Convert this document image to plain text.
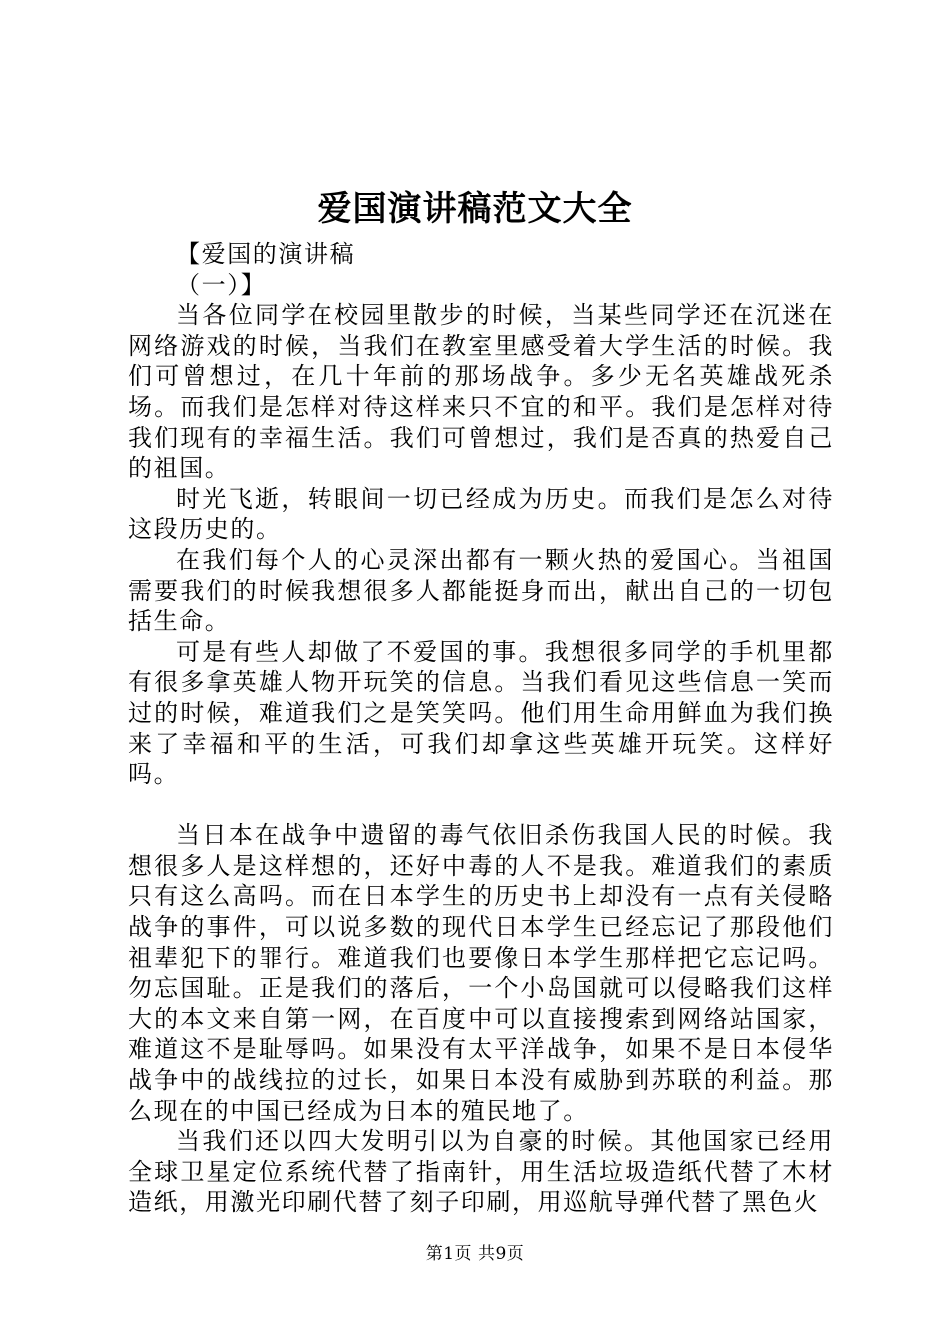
爱国演讲稿范文大全

【爱国的演讲稿

（一）】

当各位同学在校园里散步的时候，当某些同学还在沉迷在网络游戏的时候，当我们在教室里感受着大学生活的时候。我们可曾想过，在几十年前的那场战争。多少无名英雄战死杀场。而我们是怎样对待这样来只不宜的和平。我们是怎样对待我们现有的幸福生活。我们可曾想过，我们是否真的热爱自己的祖国。

时光飞逝，转眼间一切已经成为历史。而我们是怎么对待这段历史的。

在我们每个人的心灵深出都有一颗火热的爱国心。当祖国需要我们的时候我想很多人都能挺身而出，献出自己的一切包括生命。

可是有些人却做了不爱国的事。我想很多同学的手机里都有很多拿英雄人物开玩笑的信息。当我们看见这些信息一笑而过的时候，难道我们之是笑笑吗。他们用生命用鲜血为我们换来了幸福和平的生活，可我们却拿这些英雄开玩笑。这样好吗。

当日本在战争中遗留的毒气依旧杀伤我国人民的时候。我想很多人是这样想的，还好中毒的人不是我。难道我们的素质只有这么高吗。而在日本学生的历史书上却没有一点有关侵略战争的事件，可以说多数的现代日本学生已经忘记了那段他们祖辈犯下的罪行。难道我们也要像日本学生那样把它忘记吗。勿忘国耻。正是我们的落后，一个小岛国就可以侵略我们这样大的本文来自第一网，在百度中可以直接搜索到网络站国家，难道这不是耻辱吗。如果没有太平洋战争，如果不是日本侵华战争中的战线拉的过长，如果日本没有威胁到苏联的利益。那么现在的中国已经成为日本的殖民地了。

当我们还以四大发明引以为自豪的时候。其他国家已经用全球卫星定位系统代替了指南针，用生活垃圾造纸代替了木材造纸，用激光印刷代替了刻子印刷，用巡航导弹代替了黑色火

第1页 共9页
